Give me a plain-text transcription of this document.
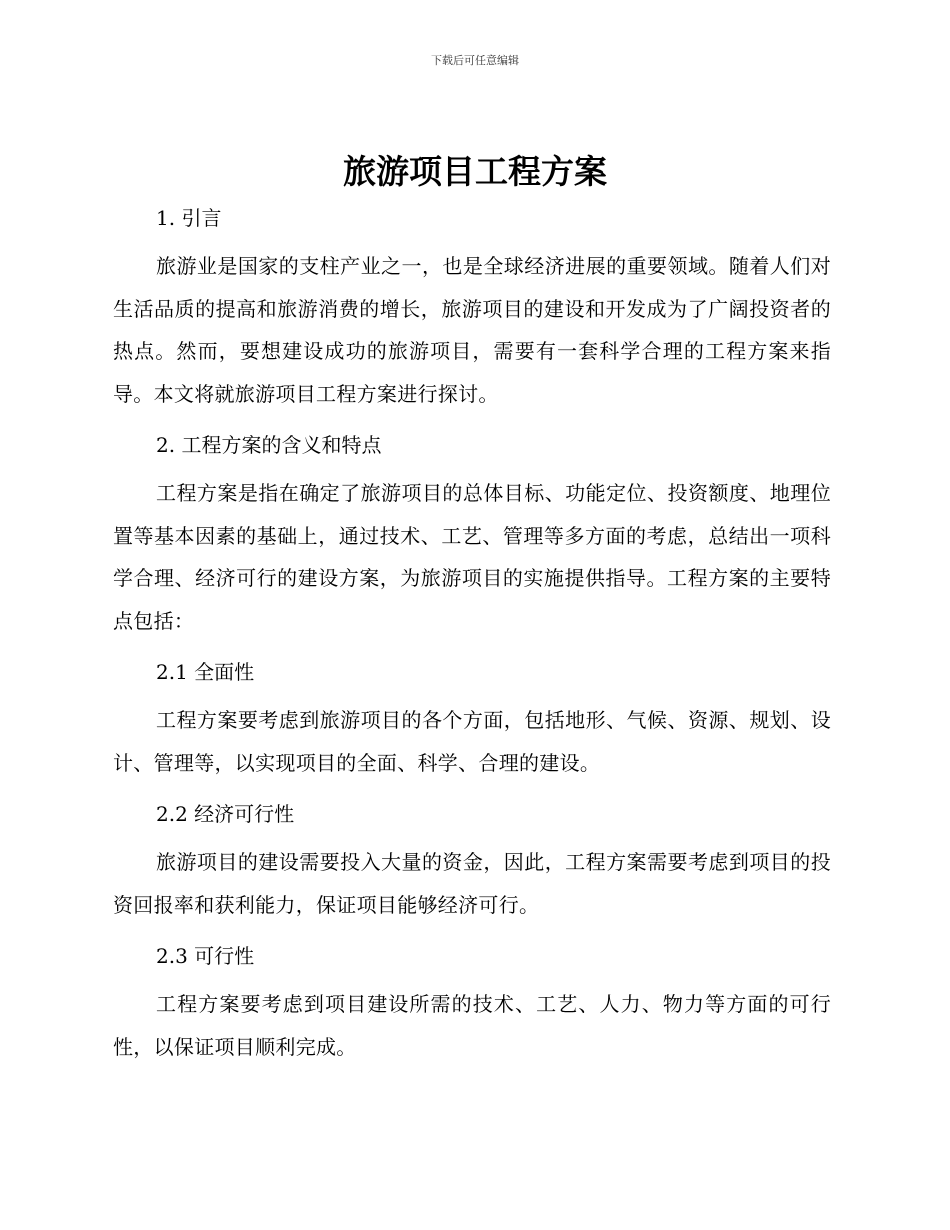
下载后可任意编辑
旅游项目工程方案
1. 引言

旅游业是国家的支柱产业之一，也是全球经济进展的重要领域。随着人们对生活品质的提高和旅游消费的增长，旅游项目的建设和开发成为了广阔投资者的热点。然而，要想建设成功的旅游项目，需要有一套科学合理的工程方案来指导。本文将就旅游项目工程方案进行探讨。

2. 工程方案的含义和特点

工程方案是指在确定了旅游项目的总体目标、功能定位、投资额度、地理位置等基本因素的基础上，通过技术、工艺、管理等多方面的考虑，总结出一项科学合理、经济可行的建设方案，为旅游项目的实施提供指导。工程方案的主要特点包括：

2.1 全面性

工程方案要考虑到旅游项目的各个方面，包括地形、气候、资源、规划、设计、管理等，以实现项目的全面、科学、合理的建设。

2.2 经济可行性

旅游项目的建设需要投入大量的资金，因此，工程方案需要考虑到项目的投资回报率和获利能力，保证项目能够经济可行。

2.3 可行性

工程方案要考虑到项目建设所需的技术、工艺、人力、物力等方面的可行性，以保证项目顺利完成。
